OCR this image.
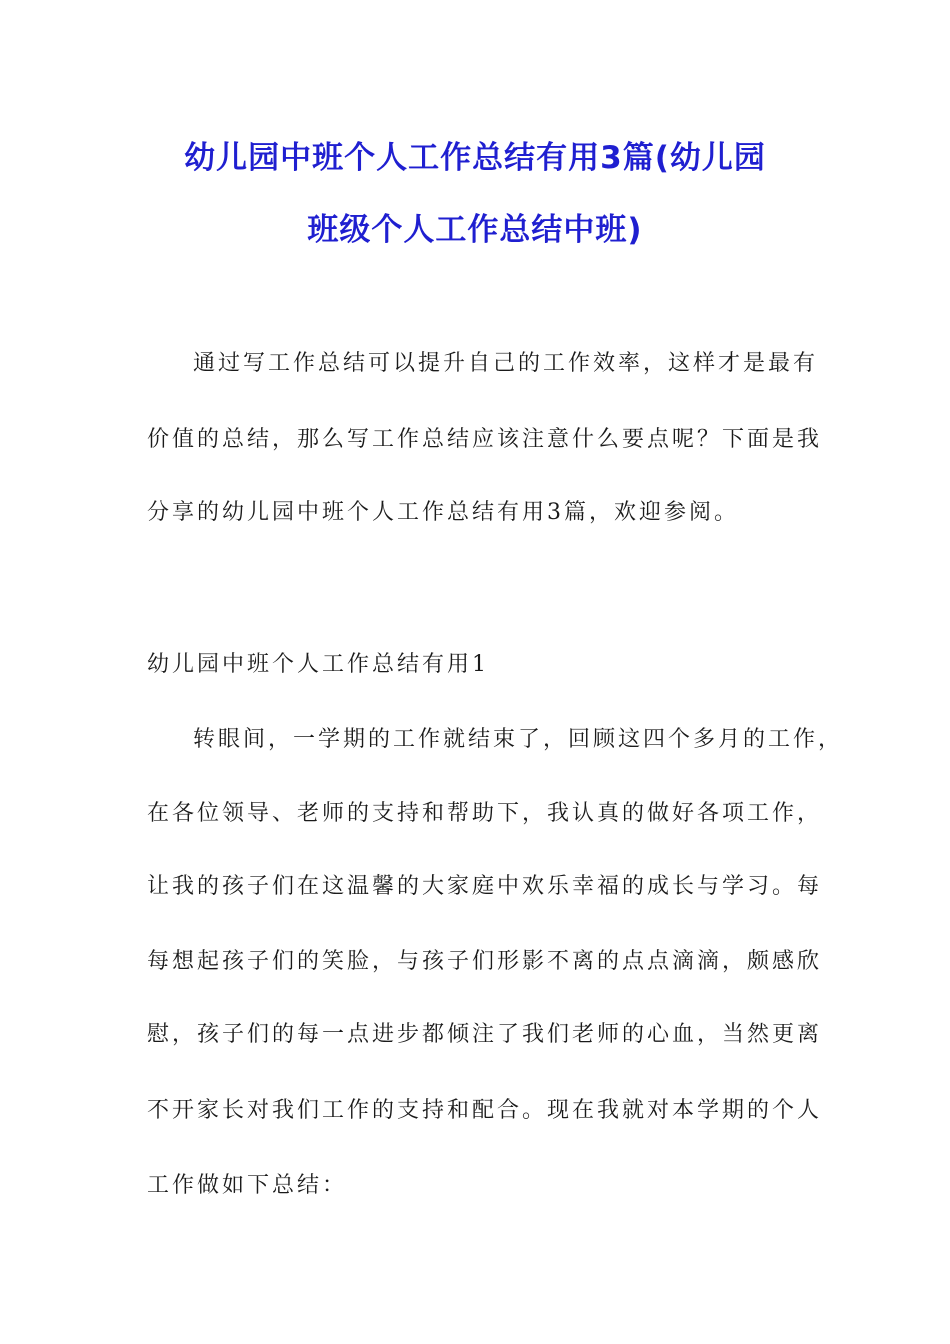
幼儿园中班个人工作总结有用3篇(幼儿园
班级个人工作总结中班)

通过写工作总结可以提升自己的工作效率，这样才是最有

价值的总结，那么写工作总结应该注意什么要点呢？下面是我

分享的幼儿园中班个人工作总结有用3篇，欢迎参阅。

幼儿园中班个人工作总结有用1

转眼间，一学期的工作就结束了，回顾这四个多月的工作，

在各位领导、老师的支持和帮助下，我认真的做好各项工作，

让我的孩子们在这温馨的大家庭中欢乐幸福的成长与学习。每

每想起孩子们的笑脸，与孩子们形影不离的点点滴滴，颇感欣

慰，孩子们的每一点进步都倾注了我们老师的心血，当然更离

不开家长对我们工作的支持和配合。现在我就对本学期的个人

工作做如下总结：
